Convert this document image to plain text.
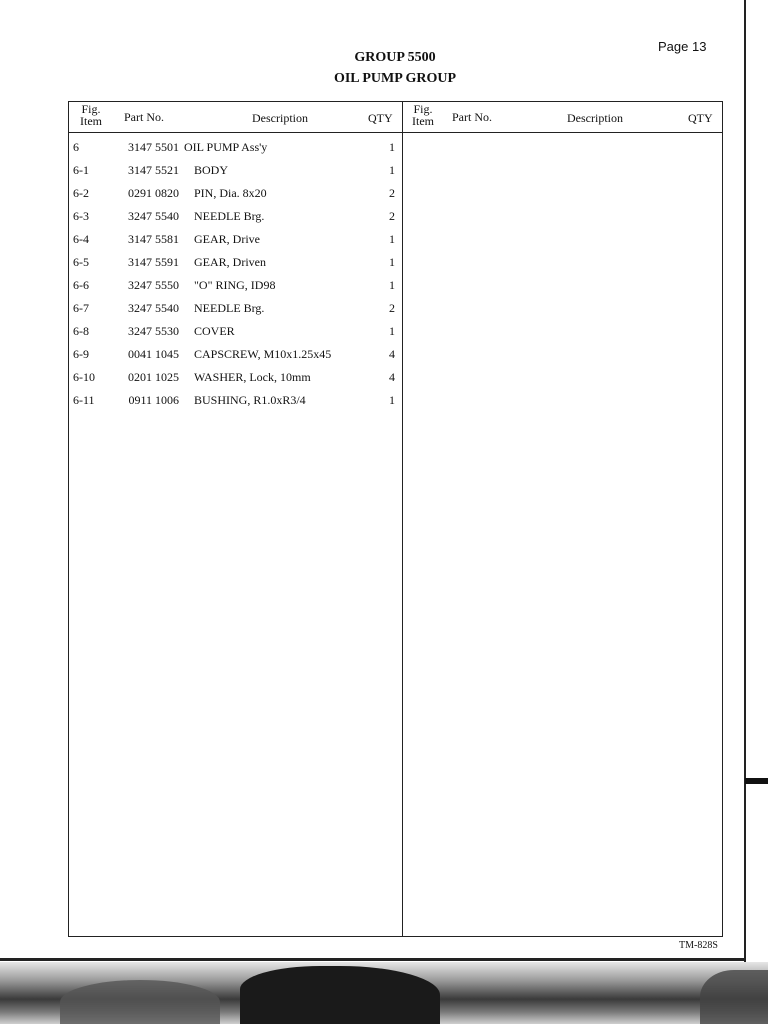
Page 13
GROUP 5500
OIL PUMP GROUP
Fig.
Item	Part No.	Description	QTY
Fig.
Item	Part No.	Description	QTY
6	3147 5501 OIL PUMP Ass'y	1
6-1	3147 5521 BODY	1
6-2	0291 0820 PIN, Dia. 8x20	2
6-3	3247 5540 NEEDLE Brg.	2
6-4	3147 5581 GEAR, Drive	1
6-5	3147 5591 GEAR, Driven	1
6-6	3247 5550 "O" RING, ID98	1
6-7	3247 5540 NEEDLE Brg.	2
6-8	3247 5530 COVER	1
6-9	0041 1045 CAPSCREW, M10x1.25x45	4
6-10	0201 1025 WASHER, Lock, 10mm	4
6-11	0911 1006 BUSHING, R1.0xR3/4	1
TM-828S
